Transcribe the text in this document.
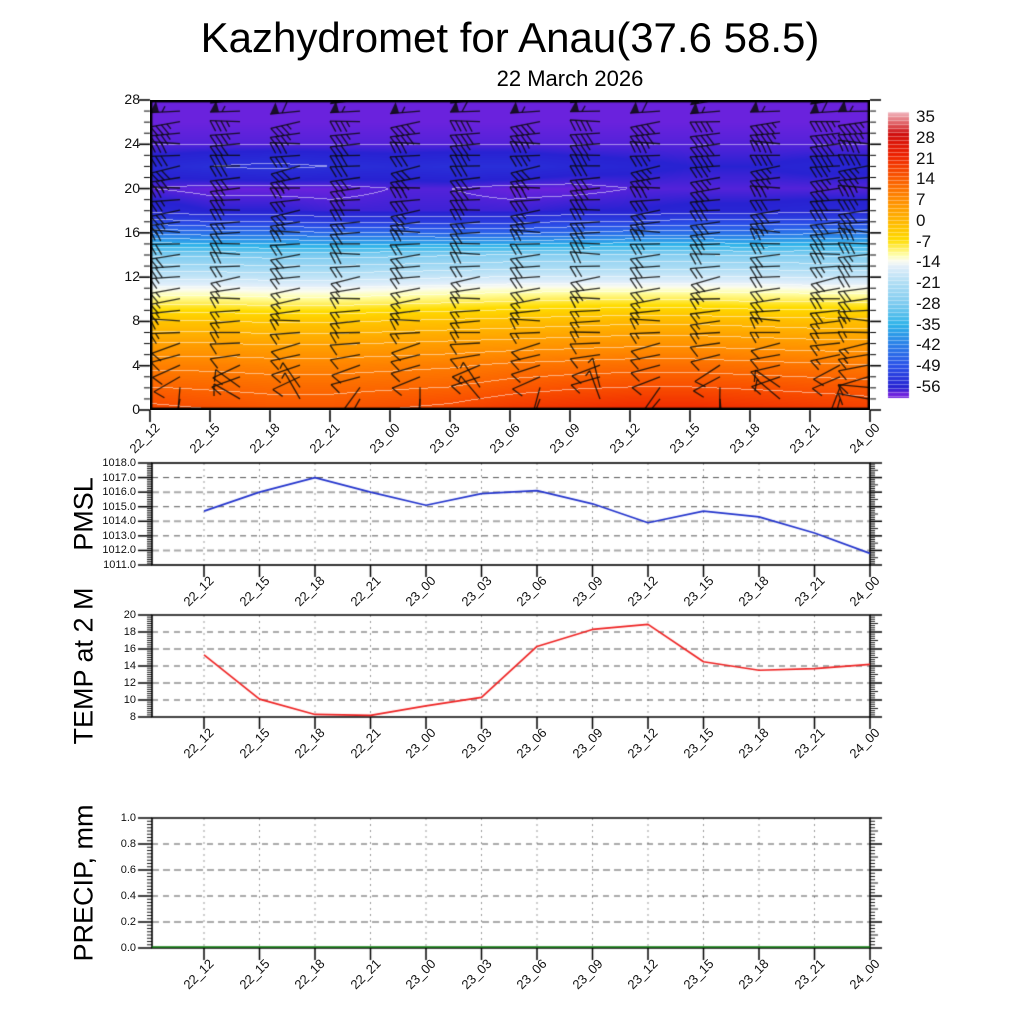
Kazhydromet for Anau(37.6 58.5)
22 March 2026
PMSL
TEMP at 2 M
PRECIP, mm
28
24
20
16
12
8
4
0
35
28
21
14
7
0
-7
-14
-21
-28
-35
-42
-49
-56
1018.0
1017.0
1016.0
1015.0
1014.0
1013.0
1012.0
1011.0
20
18
16
14
12
10
8
1.0
0.8
0.6
0.4
0.2
0.0
22_12	22_15	22_18	22_21	23_00	23_03	23_06	23_09	23_12	23_15	23_18	23_21	24_00
22_12	22_15	22_18	22_21	23_00	23_03	23_06	23_09	23_12	23_15	23_18	23_21	24_00
22_12	22_15	22_18	22_21	23_00	23_03	23_06	23_09	23_12	23_15	23_18	23_21	24_00
22_12	22_15	22_18	22_21	23_00	23_03	23_06	23_09	23_12	23_15	23_18	23_21	24_00
